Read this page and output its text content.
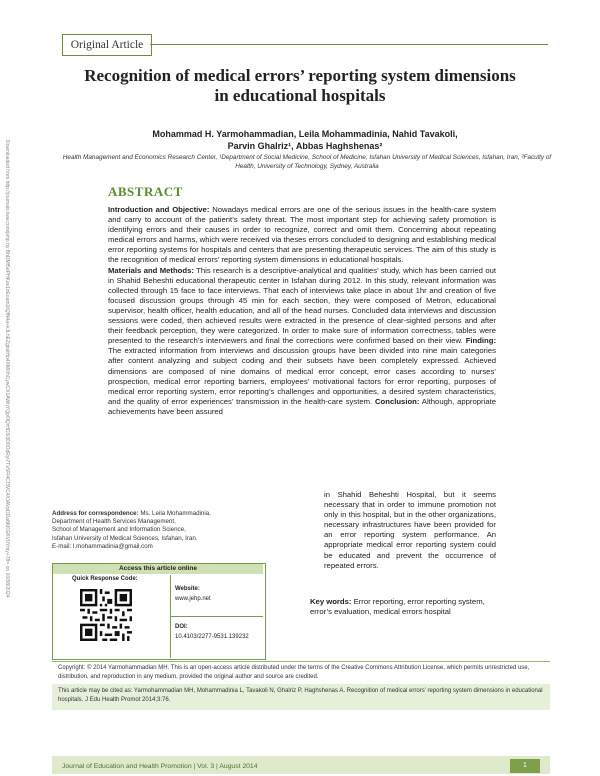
Original Article
Recognition of medical errors’ reporting system dimensions
in educational hospitals
Mohammad H. Yarmohammadian, Leila Mohammadinia, Nahid Tavakoli,
Parvin Ghalriz¹, Abbas Haghshenas²
Health Management and Economics Research Center, ¹Department of Social Medicine, School of Medicine, Isfahan University of Medical Sciences, Isfahan, Iran, ²Faculty of Health, University of Technology, Sydney, Australia
Downloaded from http://journals.lww.com/jehp by BhDMf5ePHKav1zEoum1tQfN4a+kJLhEZgbsIHo4XMi0hCywCX1AWnYQp/IlQrHD3i3D0OdRyi7TvSFl4Cf3VC4/OAVpDDa8KKGKV0Ymy+78= on 10/08/2024	ABSTRACT
Introduction and Objective: Nowadays medical errors are one of the serious issues in the health-care system and carry to account of the patient’s safety threat. The most important step for achieving safety promotion is identifying errors and their causes in order to recognize, correct and omit them. Concerning about repeating medical errors and harms, which were received via theses errors concluded to designing and establishing medical error reporting systems for hospitals and centers that are presenting therapeutic services. The aim of this study is the recognition of medical errors’ reporting system dimensions in educational hospitals.
Materials and Methods: This research is a descriptive-analytical and qualities’ study, which has been carried out in Shahid Beheshti educational therapeutic center in Isfahan during 2012. In this study, relevant information was collected through 15 face to face interviews. That each of interviews take place in about 1hr and creation of five focused discussion groups through 45 min for each section, they were composed of Metron, educational supervisor, health officer, health education, and all of the head nurses. Concluded data interviews and discussion sessions were coded, then achieved results were extracted in the presence of clear-sighted persons and after their feedback perception, they were categorized. In order to make sure of information correctness, tables were presented to the research’s interviewers and final the corrections were confirmed based on their view. Finding: The extracted information from interviews and discussion groups have been divided into nine main categories after content analyzing and subject coding and their subsets have been completely expressed. Achieved dimensions are composed of nine domains of medical error concept, error cases according to nurses’ prospection, medical error reporting barriers, employees’ motivational factors for error reporting, purposes of medical error reporting system, error reporting’s challenges and opportunities, a desired system characteristics, and the quality of error experiences’ transmission in the health-care system. Conclusion: Although, appropriate achievements have been assured
in Shahid Beheshti Hospital, but it seems necessary that in order to immune promotion not only in this hospital, but in the other organizations, necessary infrastructures have been provided for an error reporting system performance. An appropriate medical error reporting system could be educated and prevent the occurrence of repeated errors.
Key words: Error reporting, error reporting system, error’s evaluation, medical errors hospital
Address for correspondence: Ms. Leila Mohammadinia,
Department of Health Services Management,
School of Management and Information Science,
Isfahan University of Medical Sciences, Isfahan, Iran.
E-mail: l.mohammadinia@gmail.com
Access this article online
Quick Response Code:
Website:
www.jehp.net
DOI:
10.4103/2277-9531.139232
Copyright: © 2014 Yarmohammadian MH. This is an open-access article distributed under the terms of the Creative Commons Attribution License, which permits unrestricted use, distribution, and reproduction in any medium, provided the original author and source are credited.
This article may be cited as: Yarmohammadian MH, Mohammadinia L, Tavakoli N, Ghalriz P, Haghshenas A. Recognition of medical errors’ reporting system dimensions in educational hospitals. J Edu Health Promot 2014;3:76.
Journal of Education and Health Promotion | Vol. 3 | August 2014	1
